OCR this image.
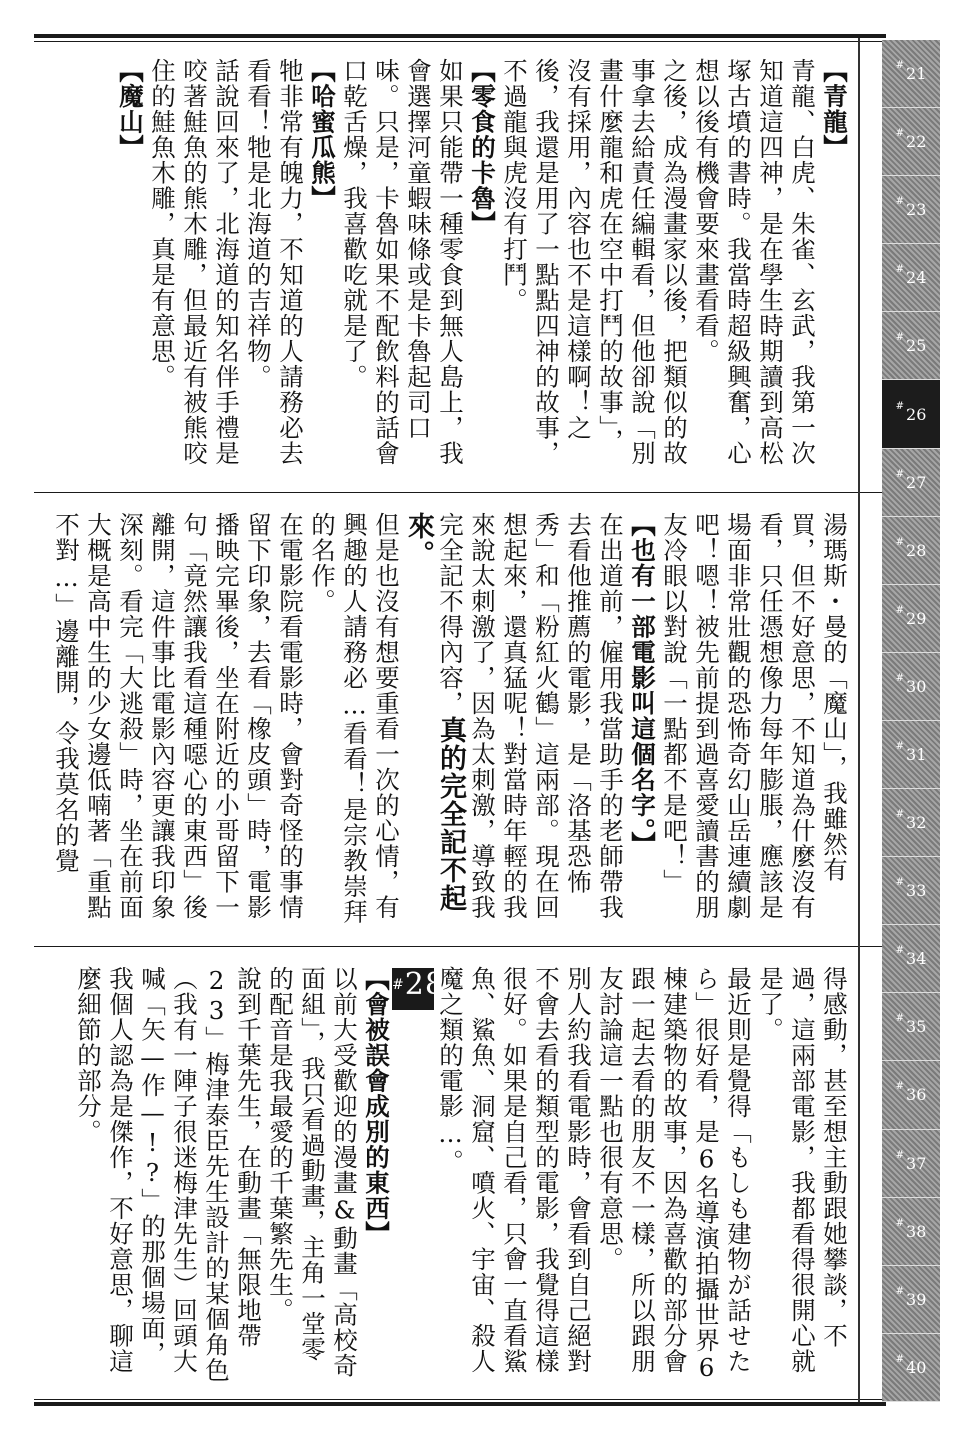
【青龍】

青龍、白虎、朱雀、玄武，我第一次知道這四神，是在學生時期讀到高松塚古墳的書時。我當時超級興奮，心想以後有機會要來畫看看。

之後，成為漫畫家以後，把類似的故事拿去給責任編輯看，但他卻說「別畫什麼龍和虎在空中打鬥的故事」，沒有採用，內容也不是這樣啊！之後，我還是用了一點點四神的故事，不過龍與虎沒有打鬥。

【零食的卡魯】

如果只能帶一種零食到無人島上，我會選擇河童蝦味條或是卡魯起司口味。只是，卡魯如果不配飲料的話會口乾舌燥，我喜歡吃就是了。

【哈蜜瓜熊】

牠非常有魄力，不知道的人請務必去看看！牠是北海道的吉祥物。

話說回來了，北海道的知名伴手禮是咬著鮭魚的熊木雕，但最近有被熊咬住的鮭魚木雕，真是有意思。

【魔山】

湯瑪斯・曼的「魔山」，我雖然有買，但不好意思，不知道為什麼沒有看，只任憑想像力每年膨脹，應該是場面非常壯觀的恐怖奇幻山岳連續劇吧！嗯！被先前提到過喜愛讀書的朋友冷眼以對說「一點都不是吧！」

【也有一部電影叫這個名字。】

在出道前，僱用我當助手的老師帶我去看他推薦的電影，是「洛基恐怖秀」和「粉紅火鶴」這兩部。現在回想起來，還真猛呢！對當時年輕的我來說太刺激了，因為太刺激，導致我完全記不得內容，真的完全記不起來。

但是也沒有想要重看一次的心情，有興趣的人請務必…看看！是宗教崇拜的名作。

在電影院看電影時，會對奇怪的事情留下印象，去看「橡皮頭」時，電影播映完畢後，坐在附近的小哥留下一句「竟然讓我看這種噁心的東西」後離開，這件事比電影內容更讓我印象深刻。看完「大逃殺」時，坐在前面大概是高中生的少女邊低喃著「重點不對…」邊離開，令我莫名的覺

得感動，甚至想主動跟她攀談，不過，這兩部電影，我都看得很開心就是了。

最近則是覺得「もしも建物が話せたら」很好看，是6名導演拍攝世界6棟建築物的故事，因為喜歡的部分會跟一起去看的朋友不一樣，所以跟朋友討論這一點也很有意思。

別人約我看電影時，會看到自己絕對不會去看的類型的電影，我覺得這樣很好。如果是自己看，只會一直看鯊魚、鯊魚、洞窟、噴火、宇宙、殺人魔之類的電影…。

#28

【會被誤會成別的東西】

以前大受歡迎的漫畫&動畫「高校奇面組」，我只看過動畫，主角一堂零的配音是我最愛的千葉繁先生。

說到千葉先生，在動畫「無限地帶23」梅津泰臣先生設計的某個角色（我有一陣子很迷梅津先生）回頭大喊「矢—作—!?」的那個場面，我個人認為是傑作，不好意思，聊這麼細節的部分。

# 21
# 22
# 23
# 24
# 25
# 26
# 27
# 28
# 29
# 30
# 31
# 32
# 33
# 34
# 35
# 36
# 37
# 38
# 39
# 40
